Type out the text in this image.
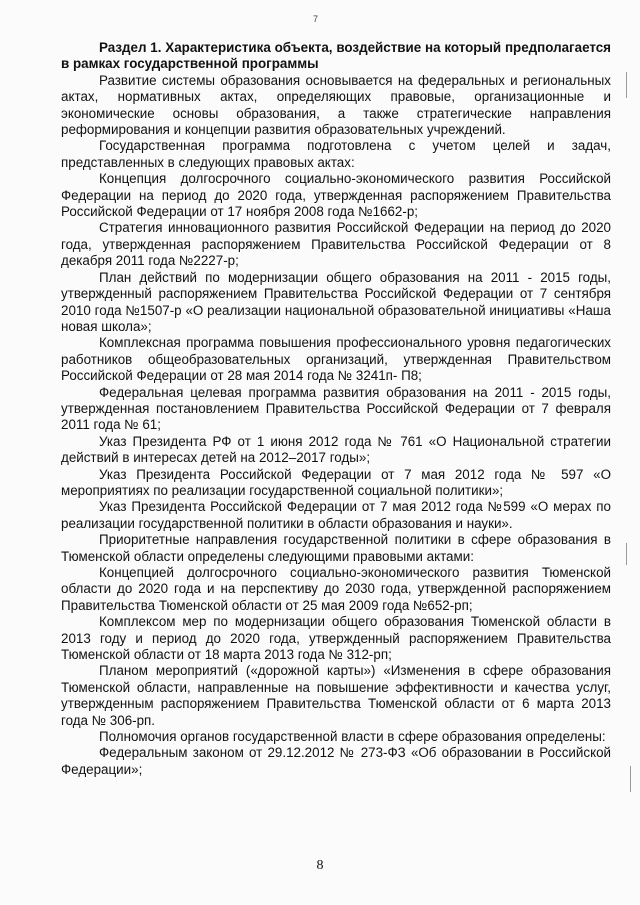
7

Раздел 1. Характеристика объекта, воздействие на который предполагается в рамках государственной программы

Развитие системы образования основывается на федеральных и региональных актах, нормативных актах, определяющих правовые, организационные и экономические основы образования, а также стратегические направления реформирования и концепции развития образовательных учреждений.

Государственная программа подготовлена с учетом целей и задач, представленных в следующих правовых актах:

Концепция долгосрочного социально-экономического развития Российской Федерации на период до 2020 года, утвержденная распоряжением Правительства Российской Федерации от 17 ноября 2008 года №1662-р;

Стратегия инновационного развития Российской Федерации на период до 2020 года, утвержденная распоряжением Правительства Российской Федерации от 8 декабря 2011 года №2227-р;

План действий по модернизации общего образования на 2011 - 2015 годы, утвержденный распоряжением Правительства Российской Федерации от 7 сентября 2010 года №1507-р «О реализации национальной образовательной инициативы «Наша новая школа»;

Комплексная программа повышения профессионального уровня педагогических работников общеобразовательных организаций, утвержденная Правительством Российской Федерации от 28 мая 2014 года № 3241п- П8;

Федеральная целевая программа развития образования на 2011 - 2015 годы, утвержденная постановлением Правительства Российской Федерации от 7 февраля 2011 года № 61;

Указ Президента РФ от 1 июня 2012 года № 761 «О Национальной стратегии действий в интересах детей на 2012–2017 годы»;

Указ Президента Российской Федерации от 7 мая 2012 года № 597 «О мероприятиях по реализации государственной социальной политики»;

Указ Президента Российской Федерации от 7 мая 2012 года №599 «О мерах по реализации государственной политики в области образования и науки».

Приоритетные направления государственной политики в сфере образования в Тюменской области определены следующими правовыми актами:

Концепцией долгосрочного социально-экономического развития Тюменской области до 2020 года и на перспективу до 2030 года, утвержденной распоряжением Правительства Тюменской области от 25 мая 2009 года №652-рп;

Комплексом мер по модернизации общего образования Тюменской области в 2013 году и период до 2020 года, утвержденный распоряжением Правительства Тюменской области от 18 марта 2013 года № 312-рп;

Планом мероприятий («дорожной карты») «Изменения в сфере образования Тюменской области, направленные на повышение эффективности и качества услуг, утвержденным распоряжением Правительства Тюменской области от 6 марта 2013 года № 306-рп.

Полномочия органов государственной власти в сфере образования определены:

Федеральным законом от 29.12.2012 № 273-ФЗ «Об образовании в Российской Федерации»;

8
